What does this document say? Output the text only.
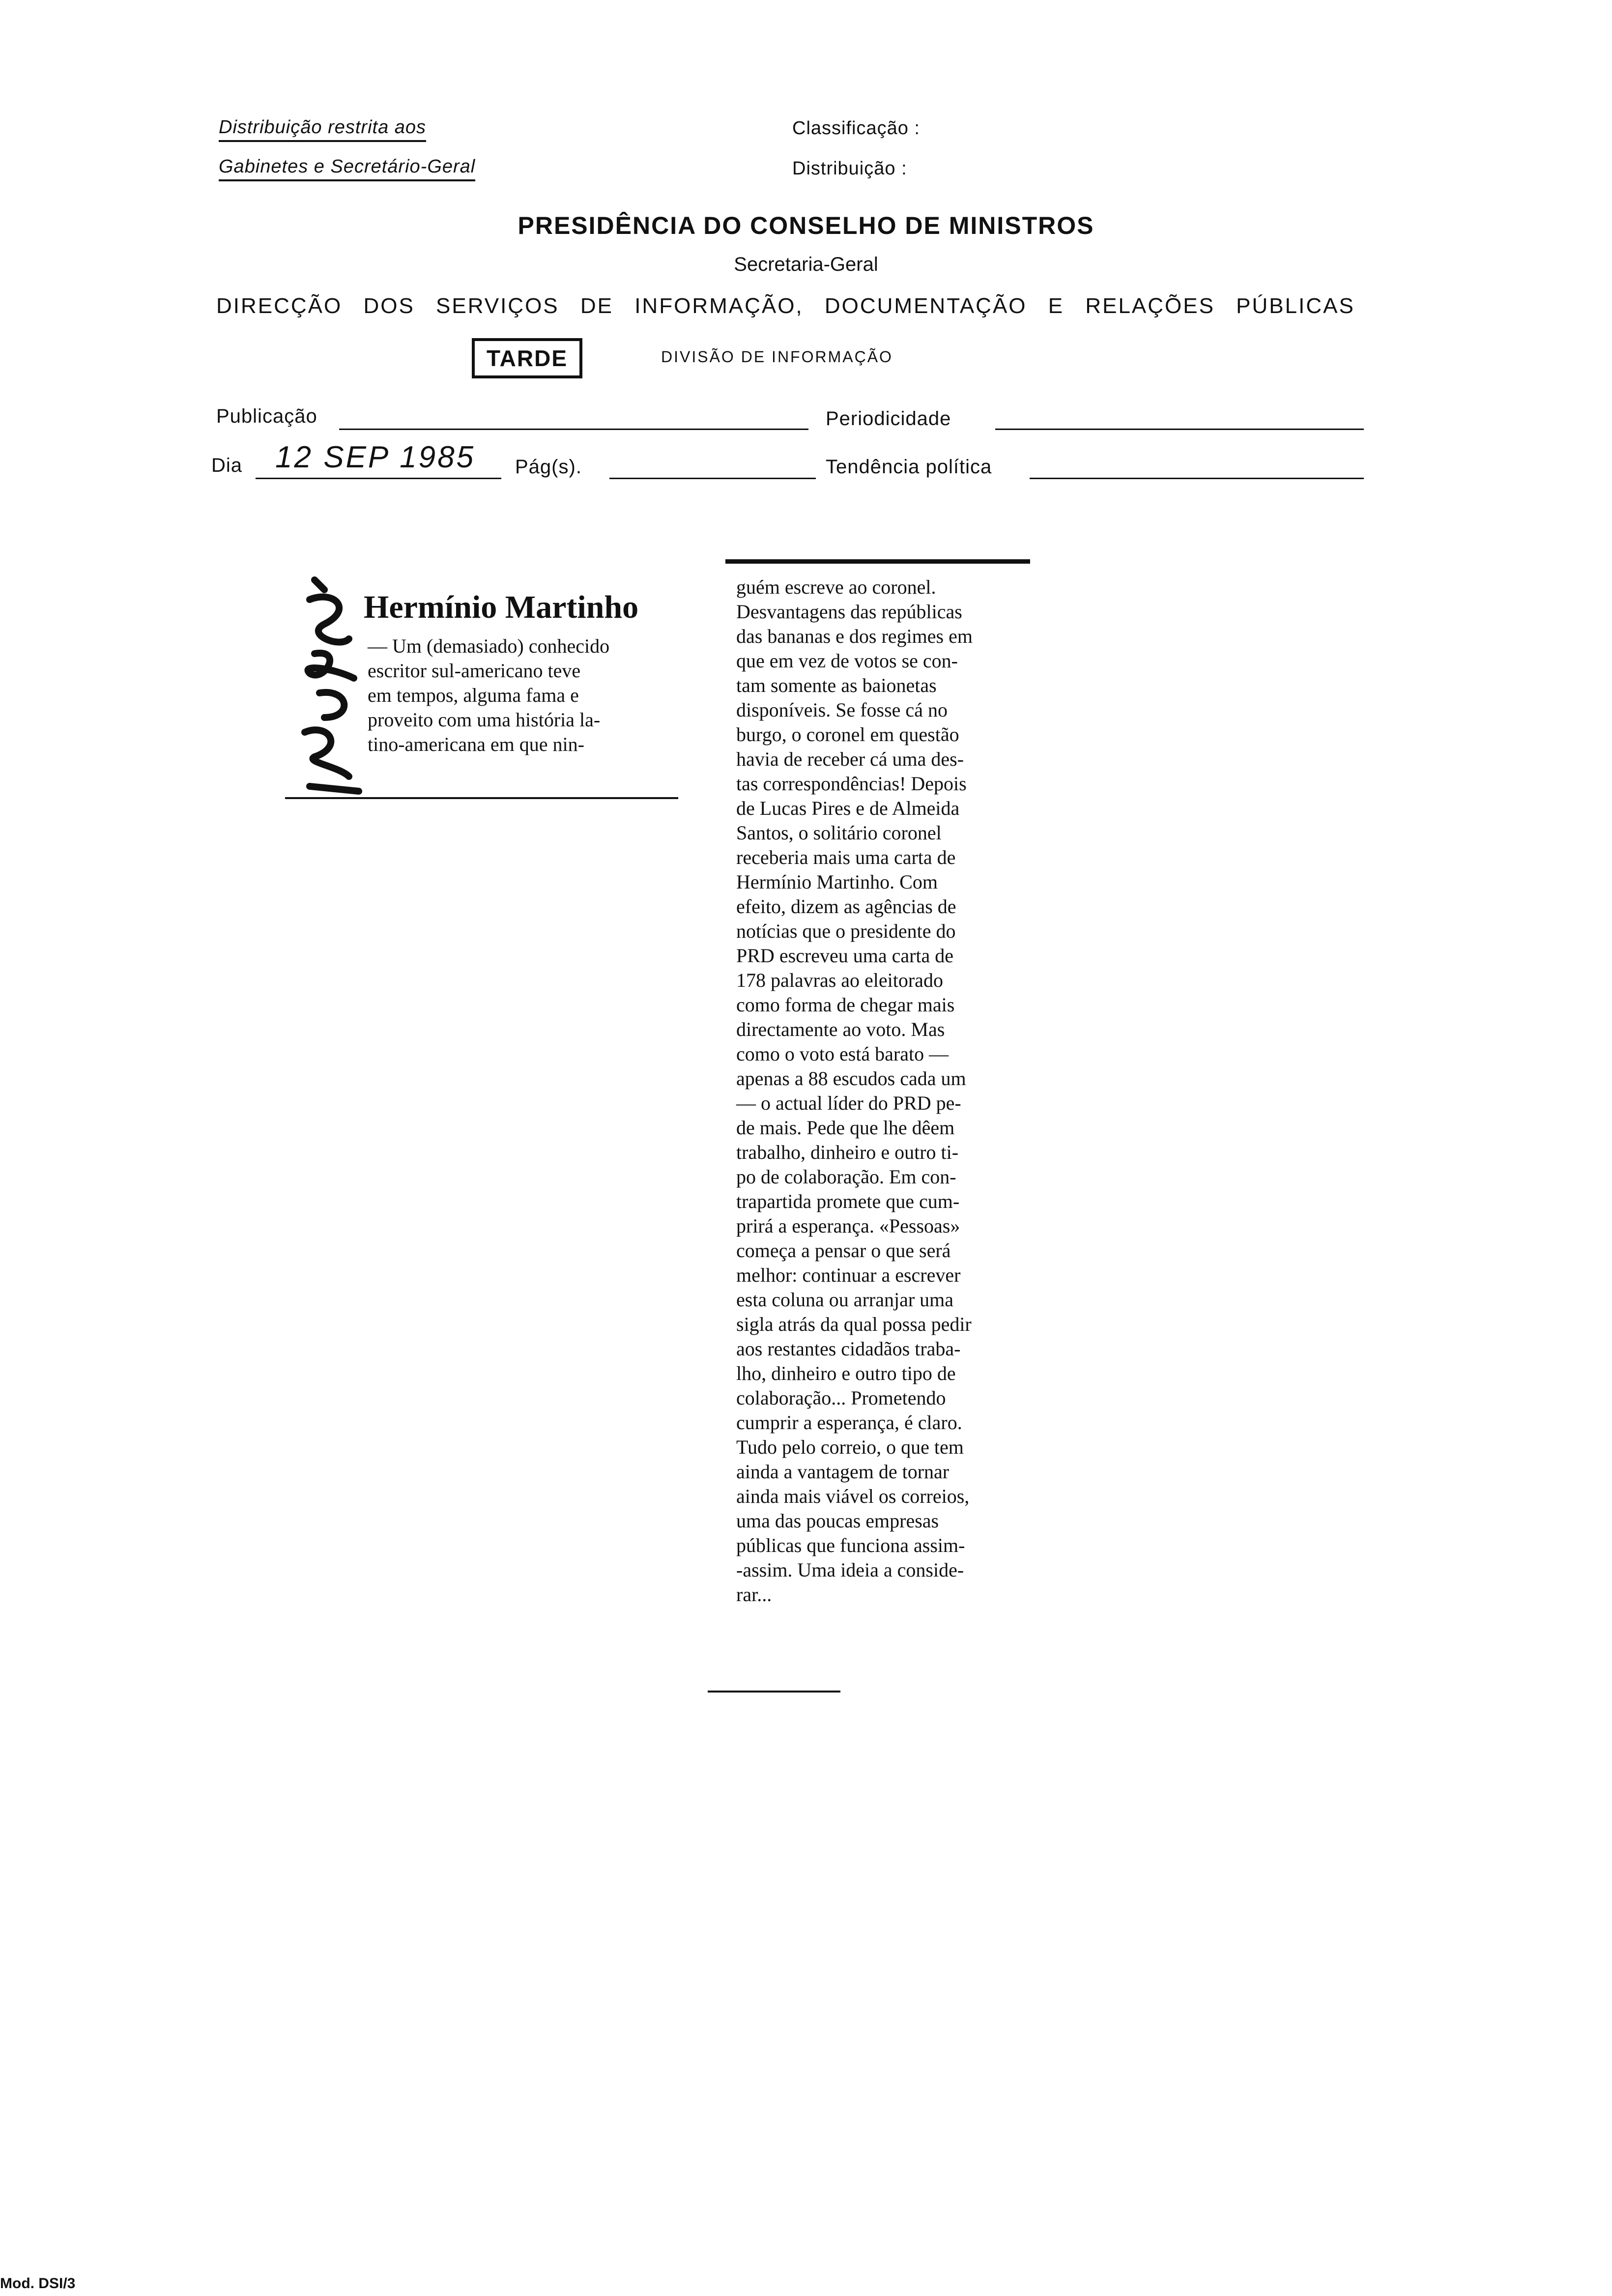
Distribuição restrita aos
Gabinetes e Secretário-Geral
Classificação :
Distribuição :
PRESIDÊNCIA DO CONSELHO DE MINISTROS
Secretaria-Geral
DIRECÇÃO DOS SERVIÇOS DE INFORMAÇÃO, DOCUMENTAÇÃO E RELAÇÕES PÚBLICAS
TARDE	DIVISÃO DE INFORMAÇÃO
Publicação	Periodicidade
Dia 12 SEP 1985 Pág(s).	Tendência política
Hermínio Martinho

— Um (demasiado) conhecido

escritor sul-americano teve

em tempos, alguma fama e

proveito com uma história la-

tino-americana em que nin-

guém escreve ao coronel.

Desvantagens das repúblicas

das bananas e dos regimes em

que em vez de votos se con-

tam somente as baionetas

disponíveis. Se fosse cá no

burgo, o coronel em questão

havia de receber cá uma des-

tas correspondências! Depois

de Lucas Pires e de Almeida

Santos, o solitário coronel

receberia mais uma carta de

Hermínio Martinho. Com

efeito, dizem as agências de

notícias que o presidente do

PRD escreveu uma carta de

178 palavras ao eleitorado

como forma de chegar mais

directamente ao voto. Mas

como o voto está barato —

apenas a 88 escudos cada um

— o actual líder do PRD pe-

de mais. Pede que lhe dêem

trabalho, dinheiro e outro ti-

po de colaboração. Em con-

trapartida promete que cum-

prirá a esperança. «Pessoas»

começa a pensar o que será

melhor: continuar a escrever

esta coluna ou arranjar uma

sigla atrás da qual possa pedir

aos restantes cidadãos traba-

lho, dinheiro e outro tipo de

colaboração... Prometendo

cumprir a esperança, é claro.

Tudo pelo correio, o que tem

ainda a vantagem de tornar

ainda mais viável os correios,

uma das poucas empresas

públicas que funciona assim-

-assim. Uma ideia a conside-

rar...

Mod. DSI/3
